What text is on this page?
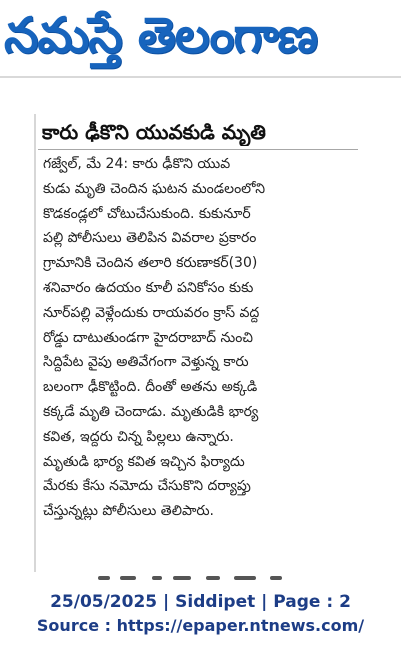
నమస్తే తెలంగాణ
కారు ఢీకొని యువకుడి మృతి
గజ్వేల్, మే 24: కారు ఢీకొని యువ
కుడు మృతి చెందిన ఘటన మండలంలోని
కొడకండ్లలో చోటుచేసుకుంది. కుకునూర్
పల్లి పోలీసులు తెలిపిన వివరాల ప్రకారం
గ్రామానికి చెందిన తలారి కరుణాకర్(30)
శనివారం ఉదయం కూలీ పనికోసం కుకు
నూర్‌పల్లి వెళ్లేందుకు రాయవరం క్రాస్ వద్ద
రోడ్డు దాటుతుండగా హైదరాబాద్ నుంచి
సిద్దిపేట వైపు అతివేగంగా వెళ్తున్న కారు
బలంగా ఢీకొట్టింది. దీంతో అతను అక్కడి
కక్కడే మృతి చెందాడు. మృతుడికి భార్య
కవిత, ఇద్దరు చిన్న పిల్లలు ఉన్నారు.
మృతుడి భార్య కవిత ఇచ్చిన ఫిర్యాదు
మేరకు కేసు నమోదు చేసుకొని దర్యాప్తు
చేస్తున్నట్లు పోలీసులు తెలిపారు.
25/05/2025 | Siddipet | Page : 2
Source : https://epaper.ntnews.com/
